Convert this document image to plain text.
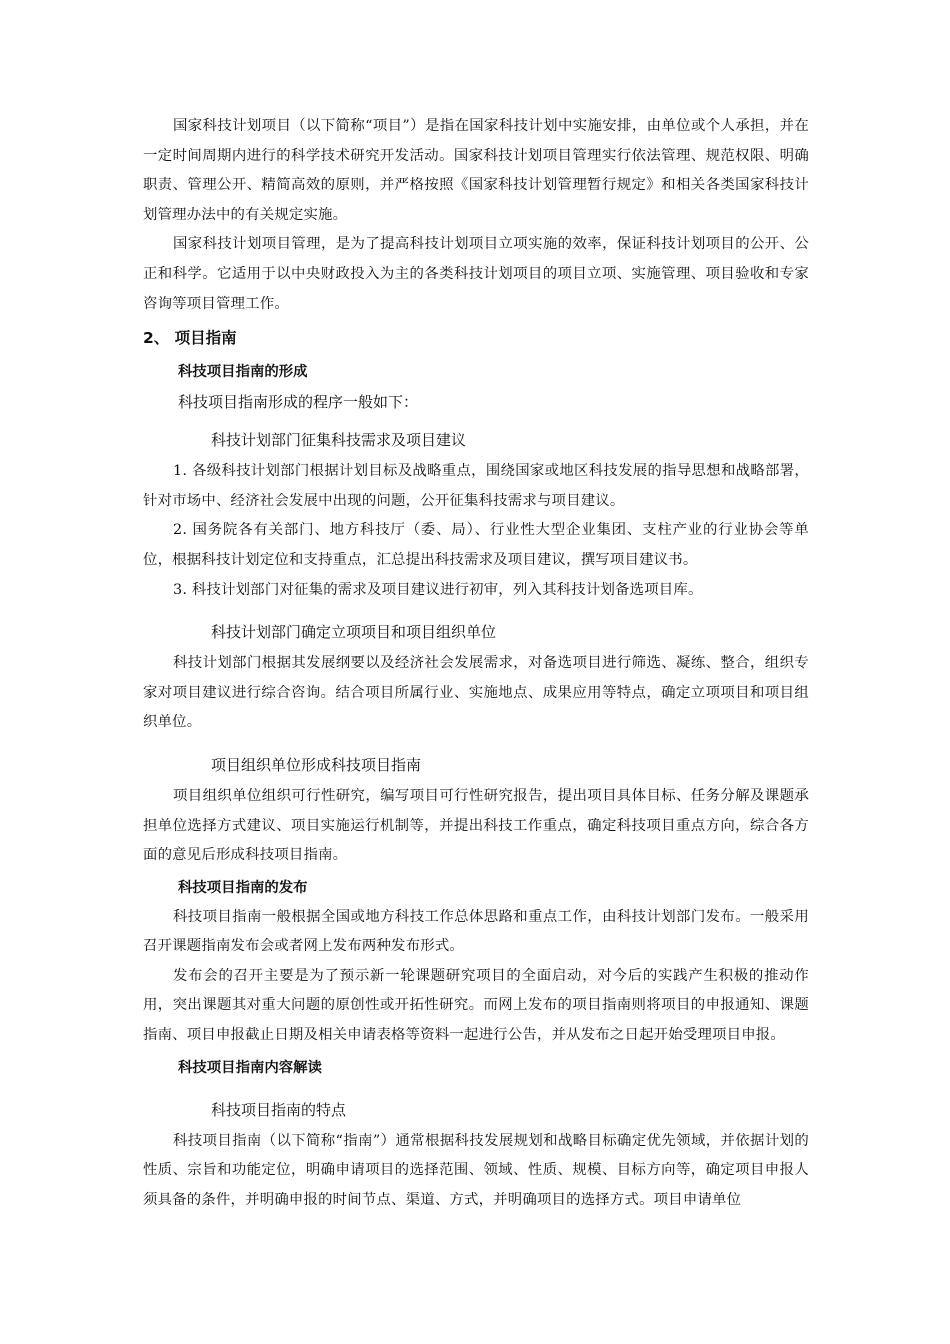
国家科技计划项目（以下简称“项目”）是指在国家科技计划中实施安排，由单位或个人承担，并在一定时间周期内进行的科学技术研究开发活动。国家科技计划项目管理实行依法管理、规范权限、明确职责、管理公开、精简高效的原则，并严格按照《国家科技计划管理暂行规定》和相关各类国家科技计划管理办法中的有关规定实施。
国家科技计划项目管理，是为了提高科技计划项目立项实施的效率，保证科技计划项目的公开、公正和科学。它适用于以中央财政投入为主的各类科技计划项目的项目立项、实施管理、项目验收和专家咨询等项目管理工作。
2、 项目指南
科技项目指南的形成
科技项目指南形成的程序一般如下：
科技计划部门征集科技需求及项目建议
1. 各级科技计划部门根据计划目标及战略重点，围绕国家或地区科技发展的指导思想和战略部署，针对市场中、经济社会发展中出现的问题，公开征集科技需求与项目建议。
2. 国务院各有关部门、地方科技厅（委、局）、行业性大型企业集团、支柱产业的行业协会等单位，根据科技计划定位和支持重点，汇总提出科技需求及项目建议，撰写项目建议书。
3. 科技计划部门对征集的需求及项目建议进行初审，列入其科技计划备选项目库。
科技计划部门确定立项项目和项目组织单位
科技计划部门根据其发展纲要以及经济社会发展需求，对备选项目进行筛选、凝练、整合，组织专家对项目建议进行综合咨询。结合项目所属行业、实施地点、成果应用等特点，确定立项项目和项目组织单位。
项目组织单位形成科技项目指南
项目组织单位组织可行性研究，编写项目可行性研究报告，提出项目具体目标、任务分解及课题承担单位选择方式建议、项目实施运行机制等，并提出科技工作重点，确定科技项目重点方向，综合各方面的意见后形成科技项目指南。
科技项目指南的发布
科技项目指南一般根据全国或地方科技工作总体思路和重点工作，由科技计划部门发布。一般采用召开课题指南发布会或者网上发布两种发布形式。
发布会的召开主要是为了预示新一轮课题研究项目的全面启动，对今后的实践产生积极的推动作用，突出课题其对重大问题的原创性或开拓性研究。而网上发布的项目指南则将项目的申报通知、课题指南、项目申报截止日期及相关申请表格等资料一起进行公告，并从发布之日起开始受理项目申报。
科技项目指南内容解读
科技项目指南的特点
科技项目指南（以下简称“指南”）通常根据科技发展规划和战略目标确定优先领域，并依据计划的性质、宗旨和功能定位，明确申请项目的选择范围、领域、性质、规模、目标方向等，确定项目申报人须具备的条件，并明确申报的时间节点、渠道、方式，并明确项目的选择方式。项目申请单位
